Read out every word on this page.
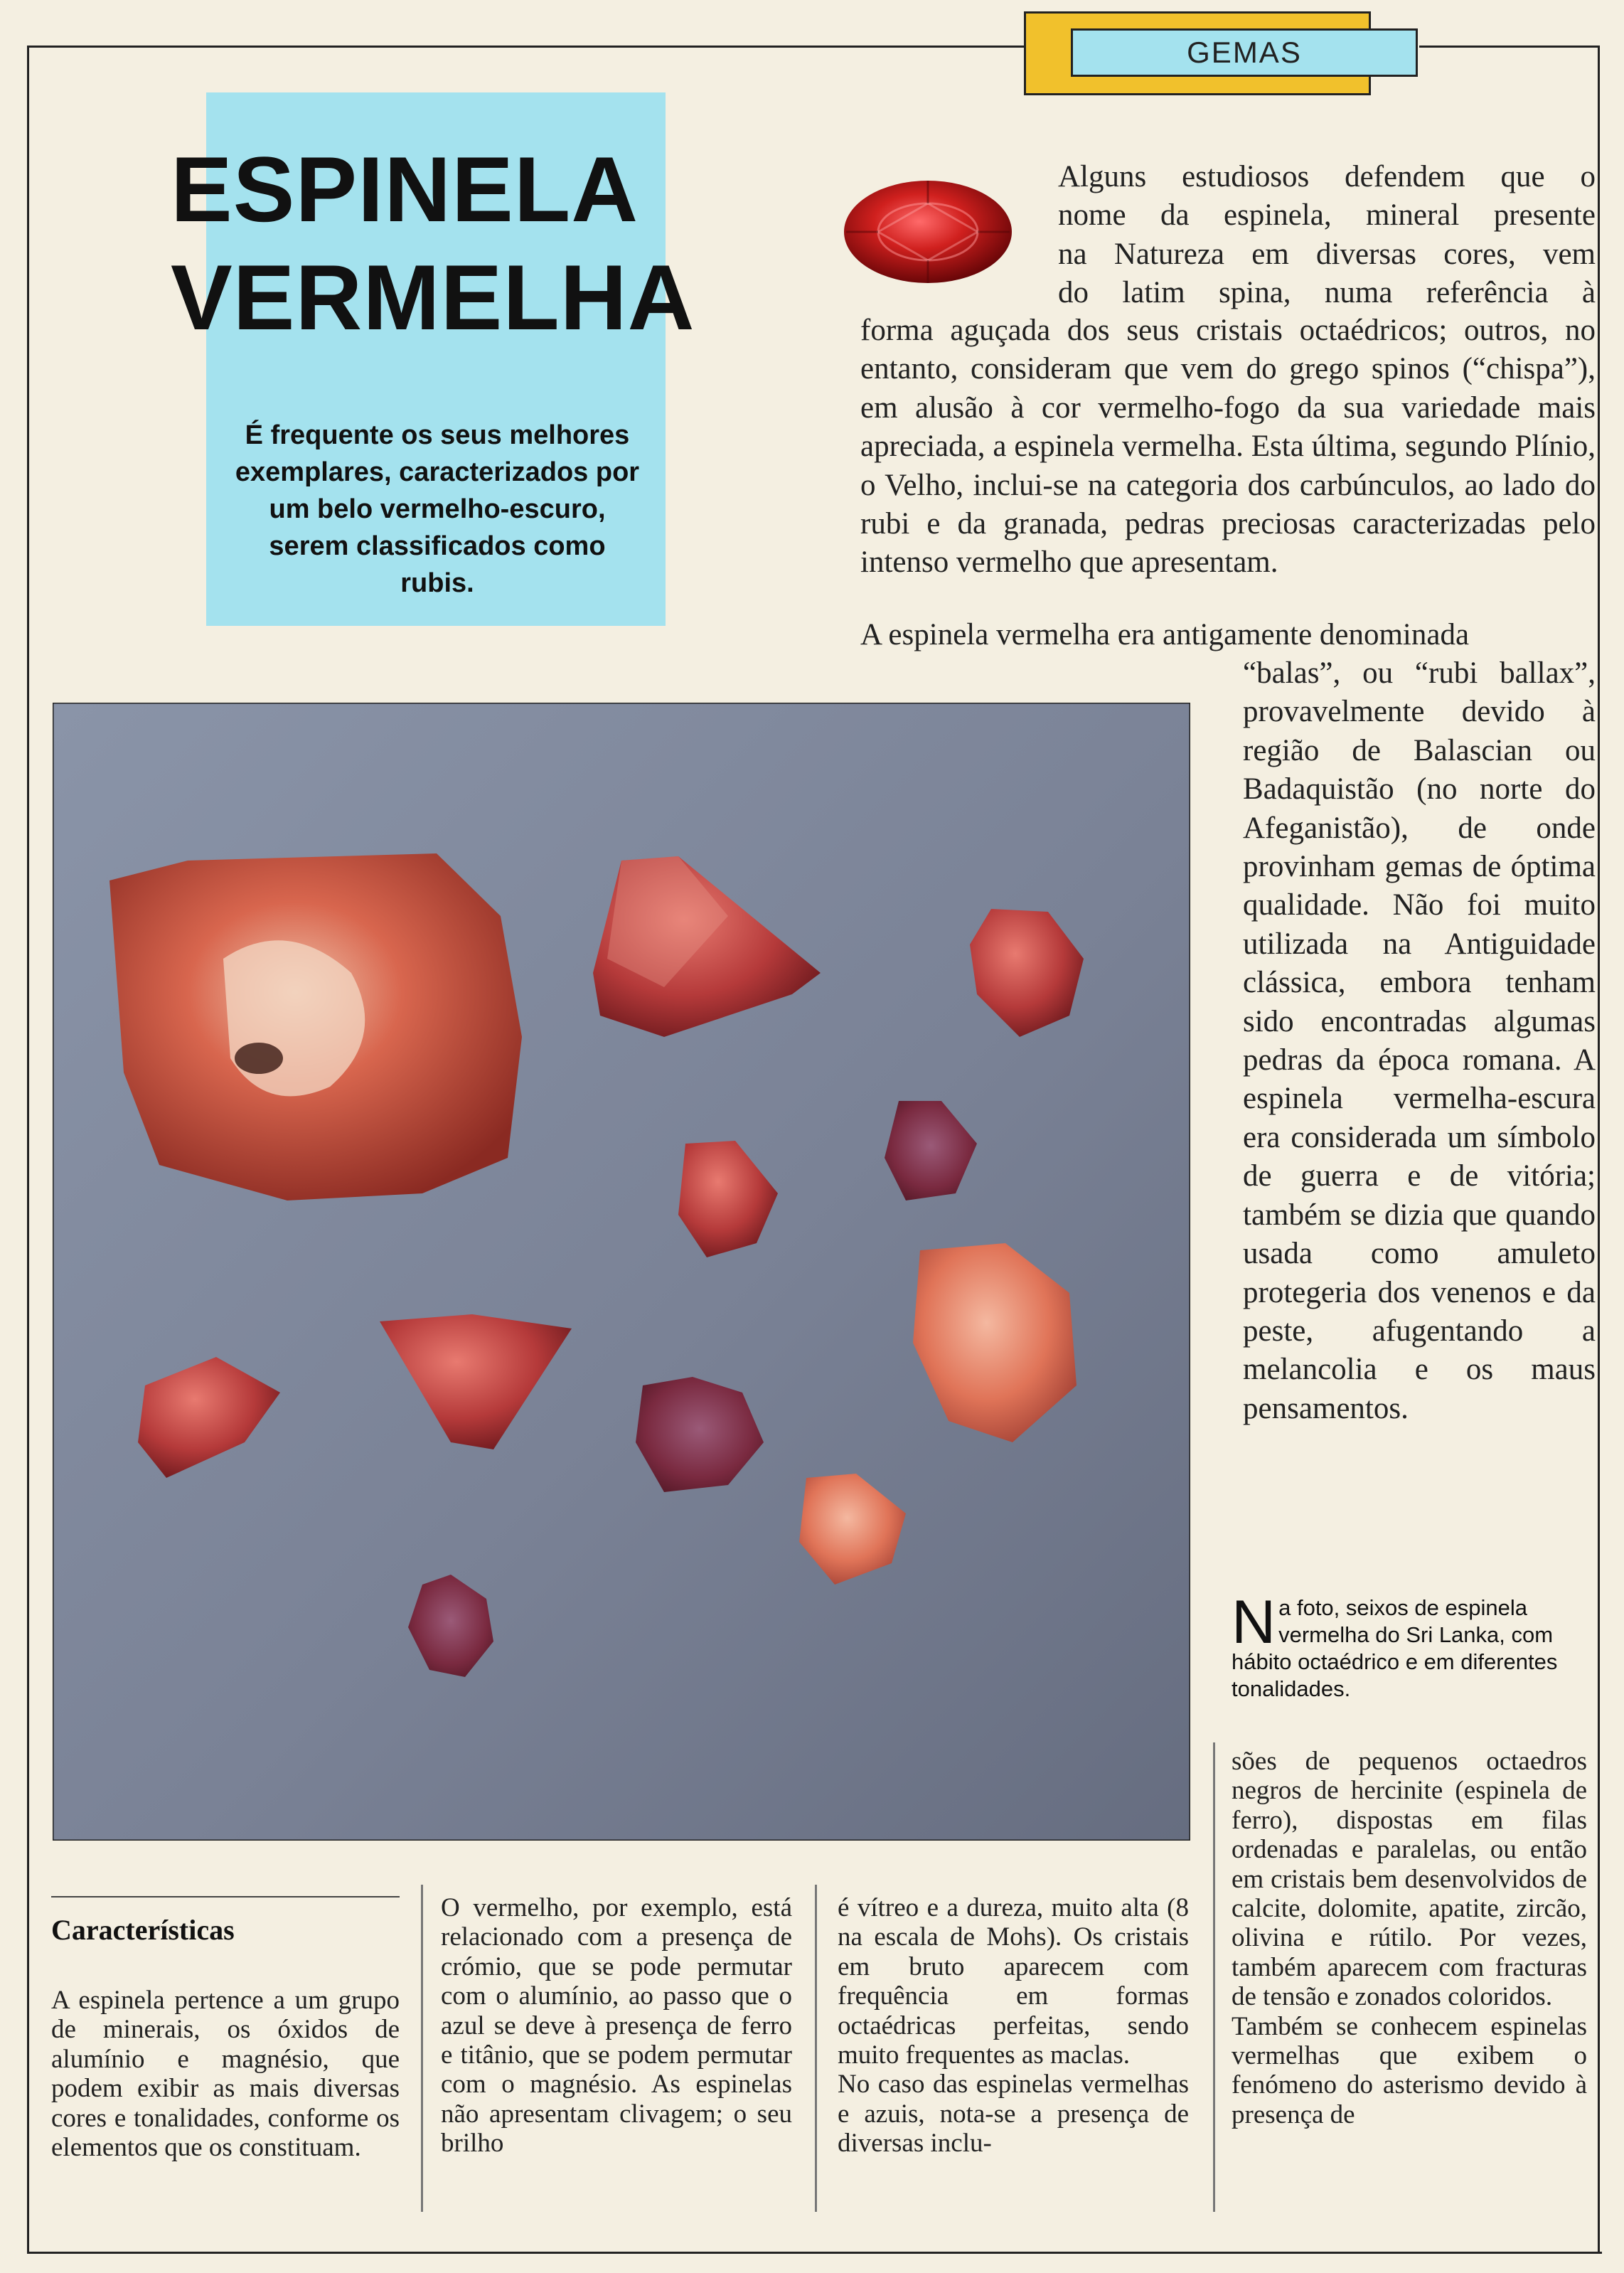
GEMAS
ESPINELA
VERMELHA
É frequente os seus melhores exemplares, caracterizados por um belo vermelho-escuro, serem classificados como rubis.

Alguns estudiosos defendem que o

nome da espinela, mineral presente

na Natureza em diversas cores, vem

do latim spina, numa referência à

forma aguçada dos seus cristais octaédricos; outros, no entanto, consideram que vem do grego spinos (“chispa”), em alusão à cor vermelho-fogo da sua variedade mais apreciada, a espinela vermelha. Esta última, segundo Plínio, o Velho, inclui-se na categoria dos carbúnculos, ao lado do rubi e da granada, pedras preciosas caracterizadas pelo intenso vermelho que apresentam.

A espinela vermelha era antigamente denominada

“balas”, ou “rubi ballax”, provavelmente devido à região de Balascian ou Badaquistão (no norte do Afeganistão), de onde provinham gemas de óptima qualidade. Não foi muito utilizada na Antiguidade clássica, embora tenham sido encontradas algumas pedras da época romana. A espinela vermelha-escura era considerada um símbolo de guerra e de vitória; também se dizia que quando usada como amuleto protegeria dos venenos e da peste, afugentando a melancolia e os maus pensamentos.

Na foto, seixos de espinela vermelha do Sri Lanka, com hábito octaédrico e em diferentes tonalidades.
Características

A espinela pertence a um grupo de minerais, os óxidos de alumínio e magnésio, que podem exibir as mais diversas cores e tonalidades, conforme os elementos que os constituam.

O vermelho, por exemplo, está relacionado com a presença de crómio, que se pode permutar com o alumínio, ao passo que o azul se deve à presença de ferro e titânio, que se podem permutar com o magnésio. As espinelas não apresentam clivagem; o seu brilho

é vítreo e a dureza, muito alta (8 na escala de Mohs). Os cristais em bruto aparecem com frequência em formas octaédricas perfeitas, sendo muito frequentes as maclas.

No caso das espinelas vermelhas e azuis, nota-se a presença de diversas inclu-

sões de pequenos octaedros negros de hercinite (espinela de ferro), dispostas em filas ordenadas e paralelas, ou então em cristais bem desenvolvidos de calcite, dolomite, apatite, zircão, olivina e rútilo. Por vezes, também aparecem com fracturas de tensão e zonados coloridos.

Também se conhecem espinelas vermelhas que exibem o fenómeno do asterismo devido à presença de
